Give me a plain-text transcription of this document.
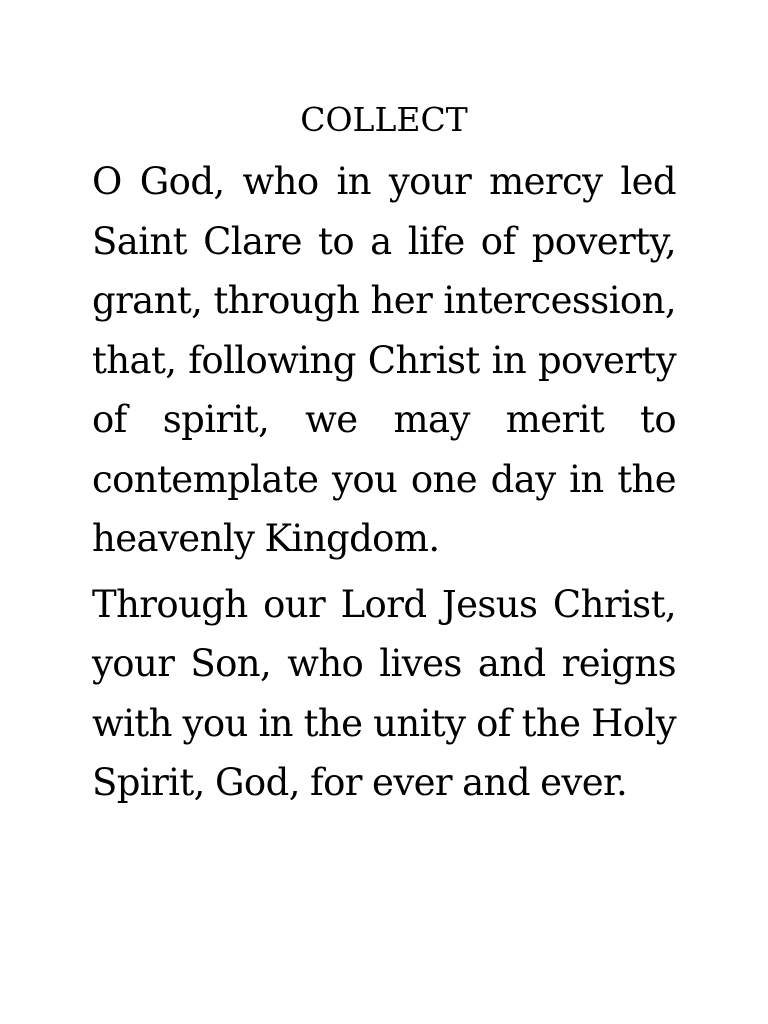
COLLECT

O God, who in your mercy led Saint Clare to a life of poverty, grant, through her intercession, that, following Christ in poverty of spirit, we may merit to contemplate you one day in the heavenly Kingdom.

Through our Lord Jesus Christ, your Son, who lives and reigns with you in the unity of the Holy Spirit, God, for ever and ever.
